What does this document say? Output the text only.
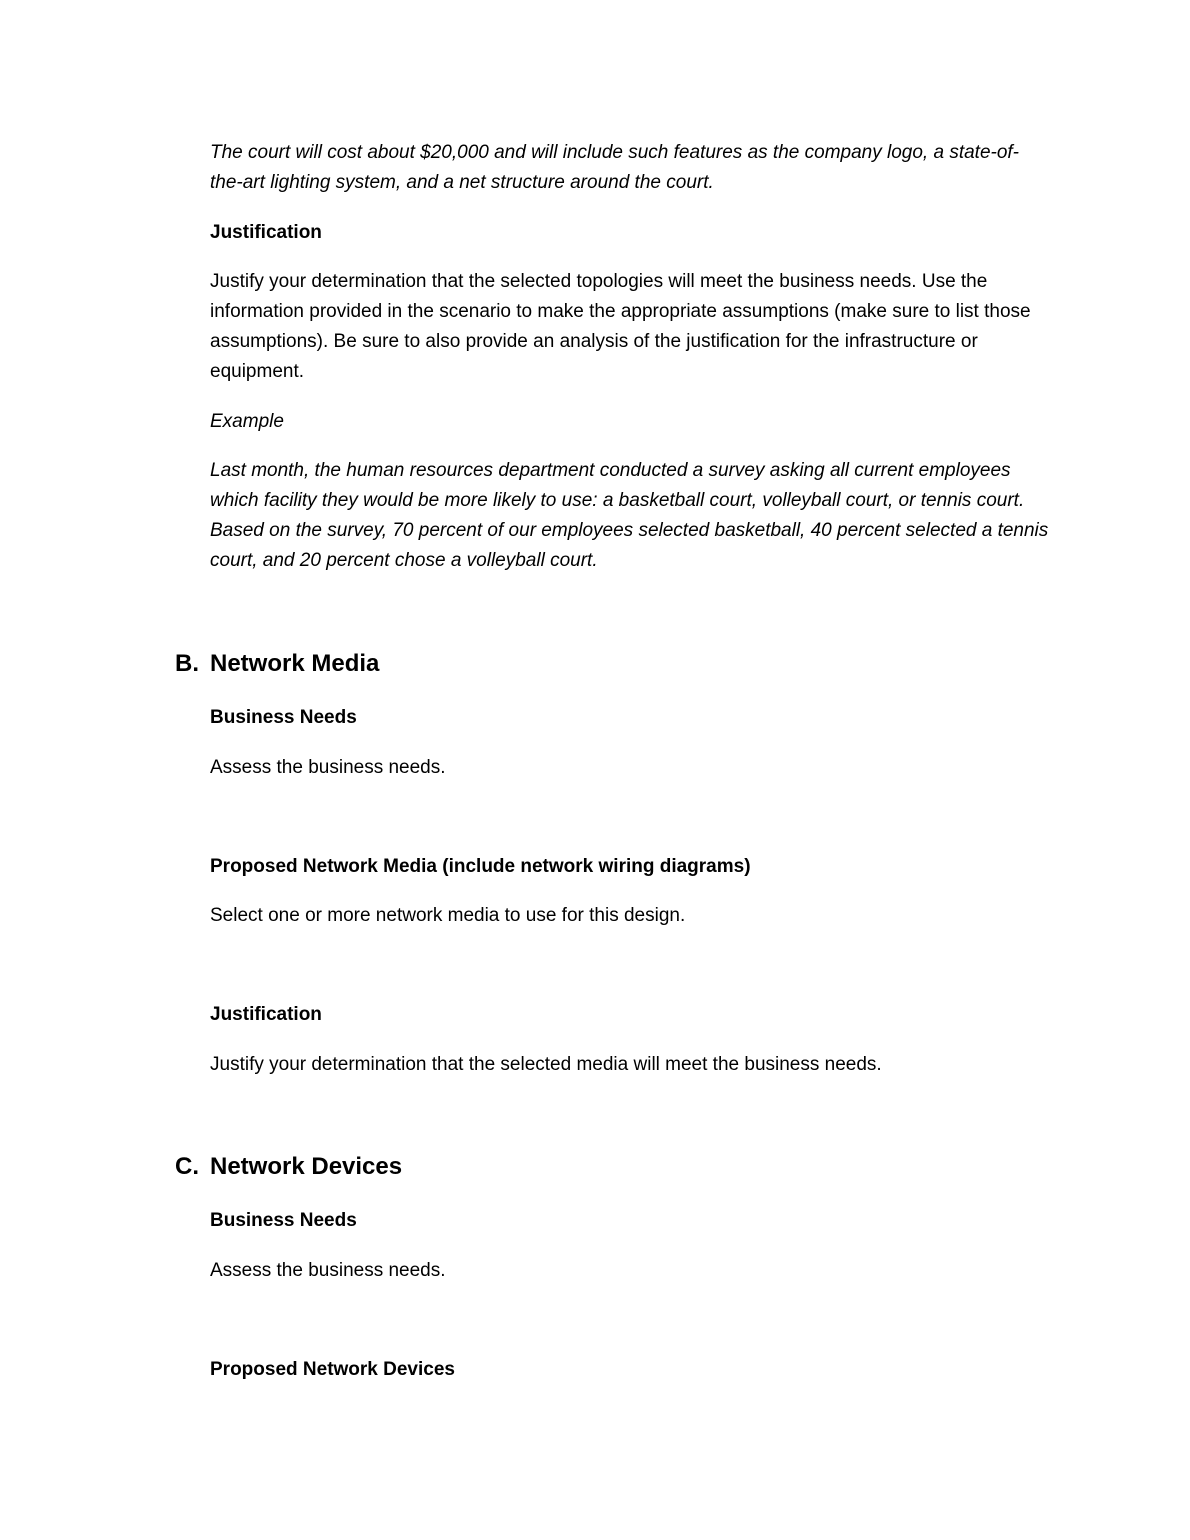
The court will cost about $20,000 and will include such features as the company logo, a state-of-the-art lighting system, and a net structure around the court.

Justification

Justify your determination that the selected topologies will meet the business needs. Use the information provided in the scenario to make the appropriate assumptions (make sure to list those assumptions). Be sure to also provide an analysis of the justification for the infrastructure or equipment.

Example

Last month, the human resources department conducted a survey asking all current employees which facility they would be more likely to use: a basketball court, volleyball court, or tennis court. Based on the survey, 70 percent of our employees selected basketball, 40 percent selected a tennis court, and 20 percent chose a volleyball court.

B. Network Media

Business Needs

Assess the business needs.

Proposed Network Media (include network wiring diagrams)

Select one or more network media to use for this design.

Justification

Justify your determination that the selected media will meet the business needs.

C. Network Devices

Business Needs

Assess the business needs.

Proposed Network Devices
